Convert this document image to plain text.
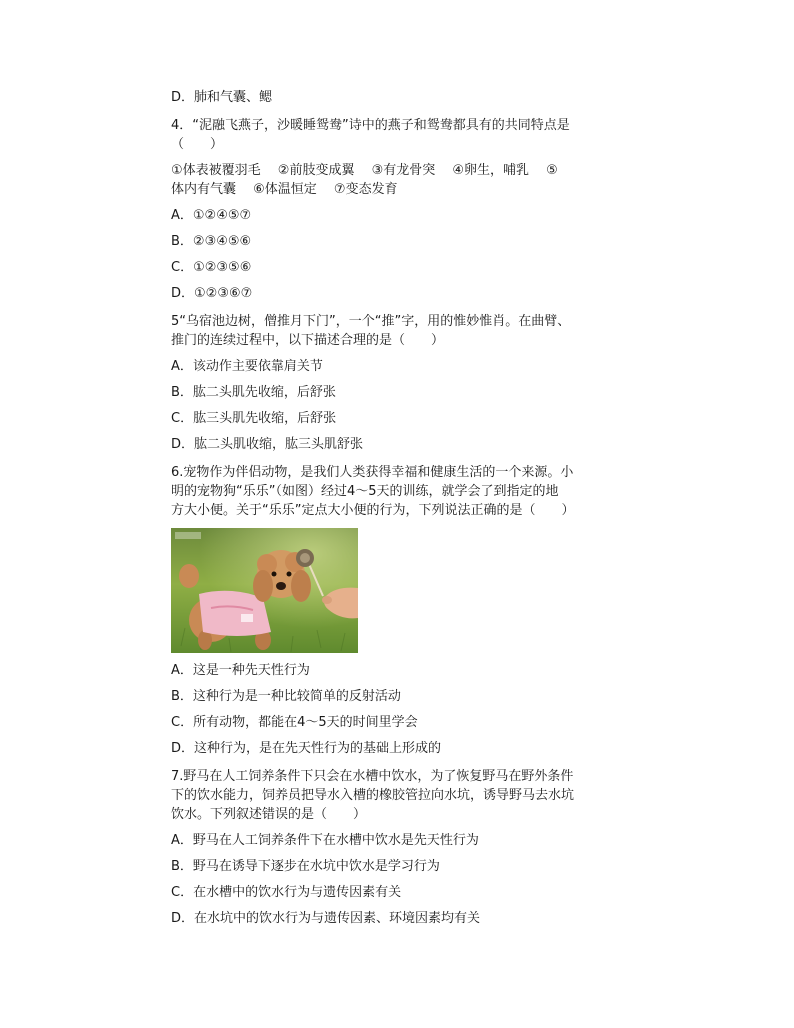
D．肺和气囊、鳃
4．“泥融飞燕子，沙暖睡鸳鸯”诗中的燕子和鸳鸯都具有的共同特点是
（　　）
①体表被覆羽毛　 ②前肢变成翼　 ③有龙骨突　 ④卵生，哺乳　 ⑤
体内有气囊　 ⑥体温恒定　 ⑦变态发育
A．①②④⑤⑦
B．②③④⑤⑥
C．①②③⑤⑥
D．①②③⑥⑦
5“乌宿池边树，僧推月下门”，一个“推”字，用的惟妙惟肖。在曲臂、
推门的连续过程中，以下描述合理的是（　　）
A．该动作主要依靠肩关节
B．肱二头肌先收缩，后舒张
C．肱三头肌先收缩，后舒张
D．肱二头肌收缩，肱三头肌舒张
6.宠物作为伴侣动物，是我们人类获得幸福和健康生活的一个来源。小
明的宠物狗“乐乐”（如图）经过4～5天的训练，就学会了到指定的地
方大小便。关于“乐乐”定点大小便的行为，下列说法正确的是（　　）
A．这是一种先天性行为
B．这种行为是一种比较简单的反射活动
C．所有动物，都能在4～5天的时间里学会
D．这种行为，是在先天性行为的基础上形成的
7.野马在人工饲养条件下只会在水槽中饮水，为了恢复野马在野外条件
下的饮水能力，饲养员把导水入槽的橡胶管拉向水坑，诱导野马去水坑
饮水。下列叙述错误的是（　　）
A．野马在人工饲养条件下在水槽中饮水是先天性行为
B．野马在诱导下逐步在水坑中饮水是学习行为
C．在水槽中的饮水行为与遗传因素有关
D．在水坑中的饮水行为与遗传因素、环境因素均有关
